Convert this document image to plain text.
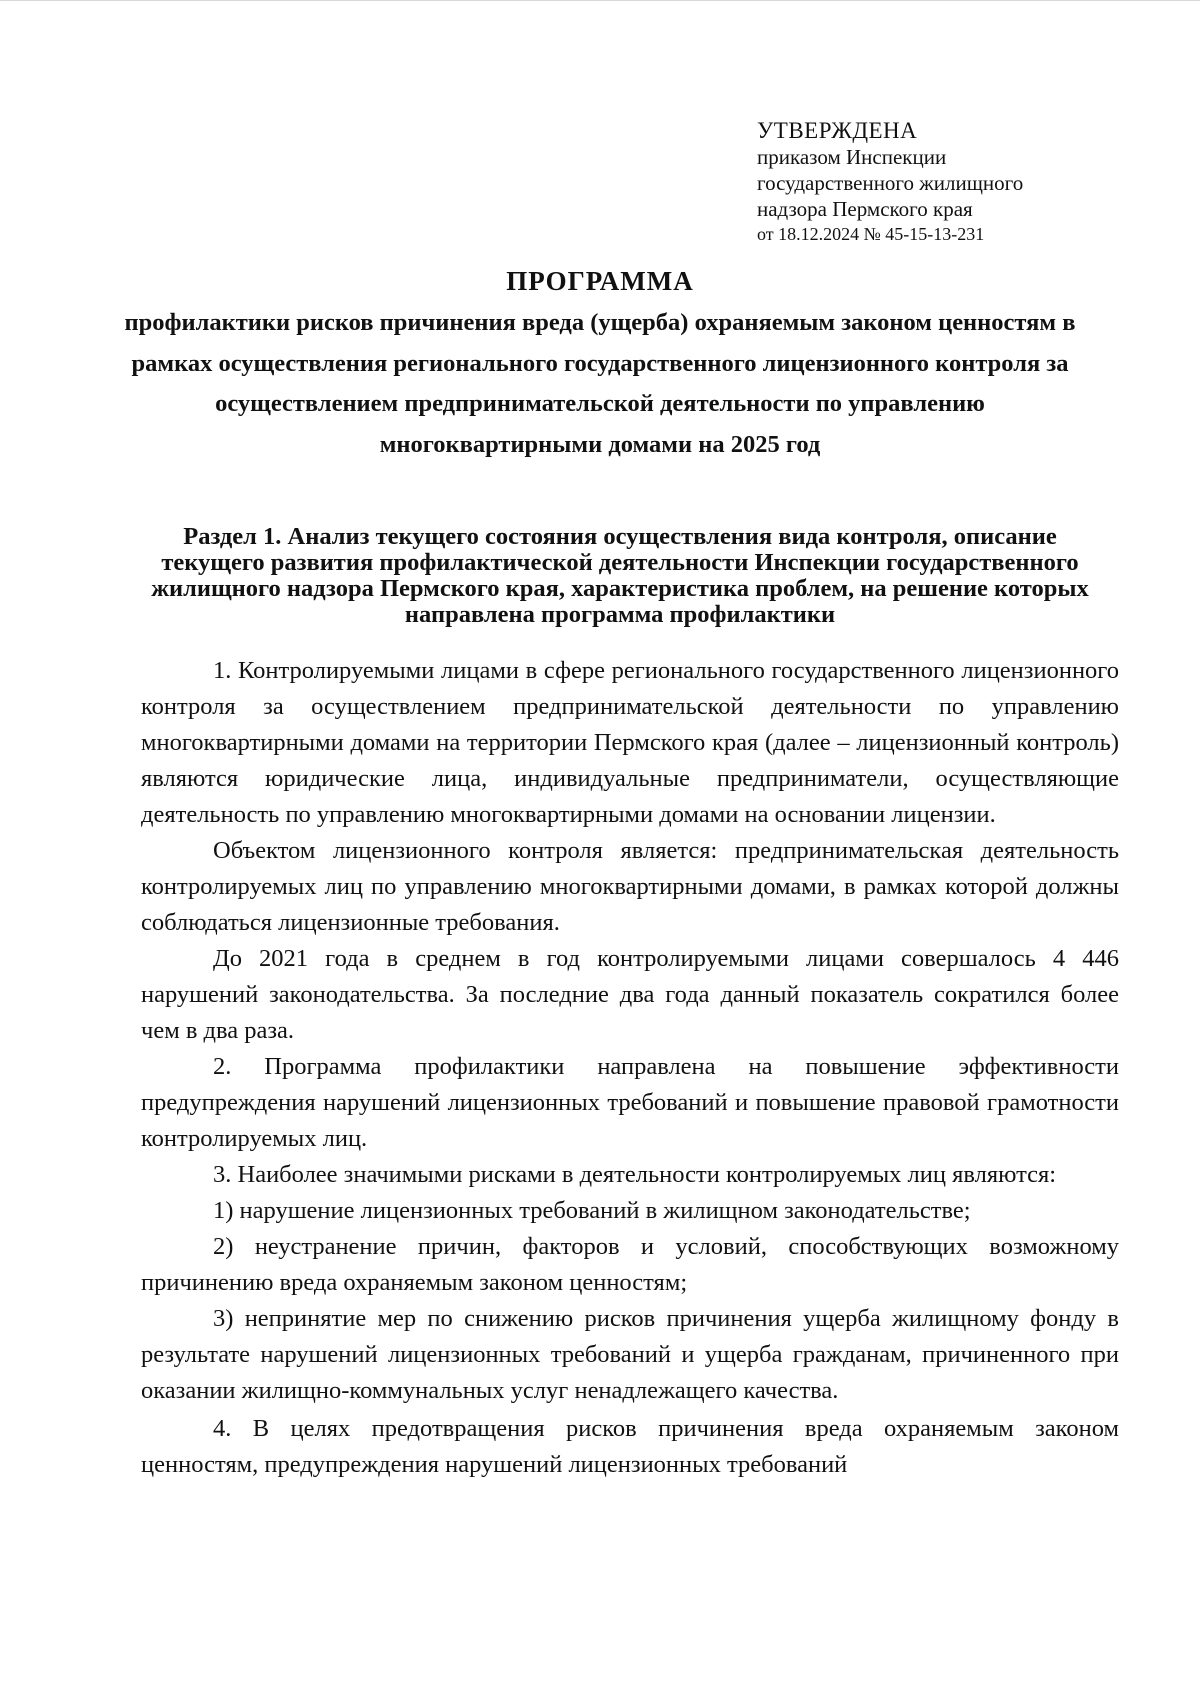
УТВЕРЖДЕНА
приказом Инспекции
государственного жилищного
надзора Пермского края
от 18.12.2024 № 45-15-13-231
ПРОГРАММА
профилактики рисков причинения вреда (ущерба) охраняемым законом ценностям в рамках осуществления регионального государственного лицензионного контроля за осуществлением предпринимательской деятельности по управлению многоквартирными домами на 2025 год
Раздел 1. Анализ текущего состояния осуществления вида контроля, описание текущего развития профилактической деятельности Инспекции государственного жилищного надзора Пермского края, характеристика проблем, на решение которых направлена программа профилактики

1. Контролируемыми лицами в сфере регионального государственного лицензионного контроля за осуществлением предпринимательской деятельности по управлению многоквартирными домами на территории Пермского края (далее – лицензионный контроль) являются юридические лица, индивидуальные предприниматели, осуществляющие деятельность по управлению многоквартирными домами на основании лицензии.

Объектом лицензионного контроля является: предпринимательская деятельность контролируемых лиц по управлению многоквартирными домами, в рамках которой должны соблюдаться лицензионные требования.

До 2021 года в среднем в год контролируемыми лицами совершалось 4 446 нарушений законодательства. За последние два года данный показатель сократился более чем в два раза.

2. Программа профилактики направлена на повышение эффективности предупреждения нарушений лицензионных требований и повышение правовой грамотности контролируемых лиц.

3. Наиболее значимыми рисками в деятельности контролируемых лиц являются:

1) нарушение лицензионных требований в жилищном законодательстве;

2) неустранение причин, факторов и условий, способствующих возможному причинению вреда охраняемым законом ценностям;

3) непринятие мер по снижению рисков причинения ущерба жилищному фонду в результате нарушений лицензионных требований и ущерба гражданам, причиненного при оказании жилищно-коммунальных услуг ненадлежащего качества.

4. В целях предотвращения рисков причинения вреда охраняемым законом ценностям, предупреждения нарушений лицензионных требований
